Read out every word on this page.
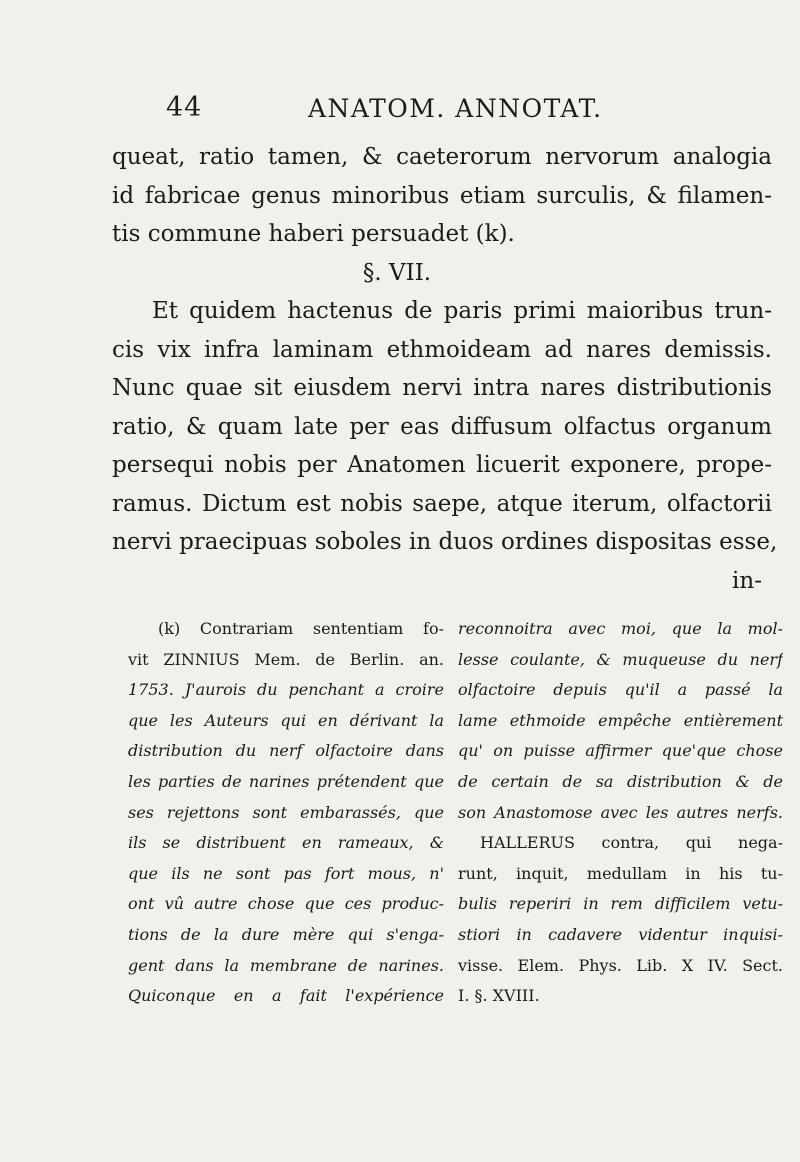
44	ANATOM. ANNOTAT.
queat, ratio tamen, & caeterorum nervorum analogia
id fabricae genus minoribus etiam surculis, & filamen-
tis commune haberi persuadet (k).
§. VII.
Et quidem hactenus de paris primi maioribus trun-
cis vix infra laminam ethmoideam ad nares demissis.
Nunc quae sit eiusdem nervi intra nares distributionis
ratio, & quam late per eas diffusum olfactus organum
persequi nobis per Anatomen licuerit exponere, prope-
ramus. Dictum est nobis saepe, atque iterum, olfactorii
nervi praecipuas soboles in duos ordines dispositas esse,
in-
(k) Contrariam sententiam fo-
vit ZINNIUS Mem. de Berlin. an.
1753. J'aurois du penchant a croire
que les Auteurs qui en dérivant la
distribution du nerf olfactoire dans
les parties de narines prétendent que
ses rejettons sont embarassés, que
ils se distribuent en rameaux, &
que ils ne sont pas fort mous, n'
ont vû autre chose que ces produc-
tions de la dure mère qui s'enga-
gent dans la membrane de narines.
Quiconque en a fait l'expérience
reconnoitra avec moi, que la mol-
lesse coulante, & muqueuse du nerf
olfactoire depuis qu'il a passé la
lame ethmoide empêche entièrement
qu' on puisse affirmer que'que chose
de certain de sa distribution & de
son Anastomose avec les autres nerfs.
HALLERUS contra, qui nega-
runt, inquit, medullam in his tu-
bulis reperiri in rem difficilem vetu-
stiori in cadavere videntur inquisi-
visse. Elem. Phys. Lib. X IV. Sect.
I. §. XVIII.
